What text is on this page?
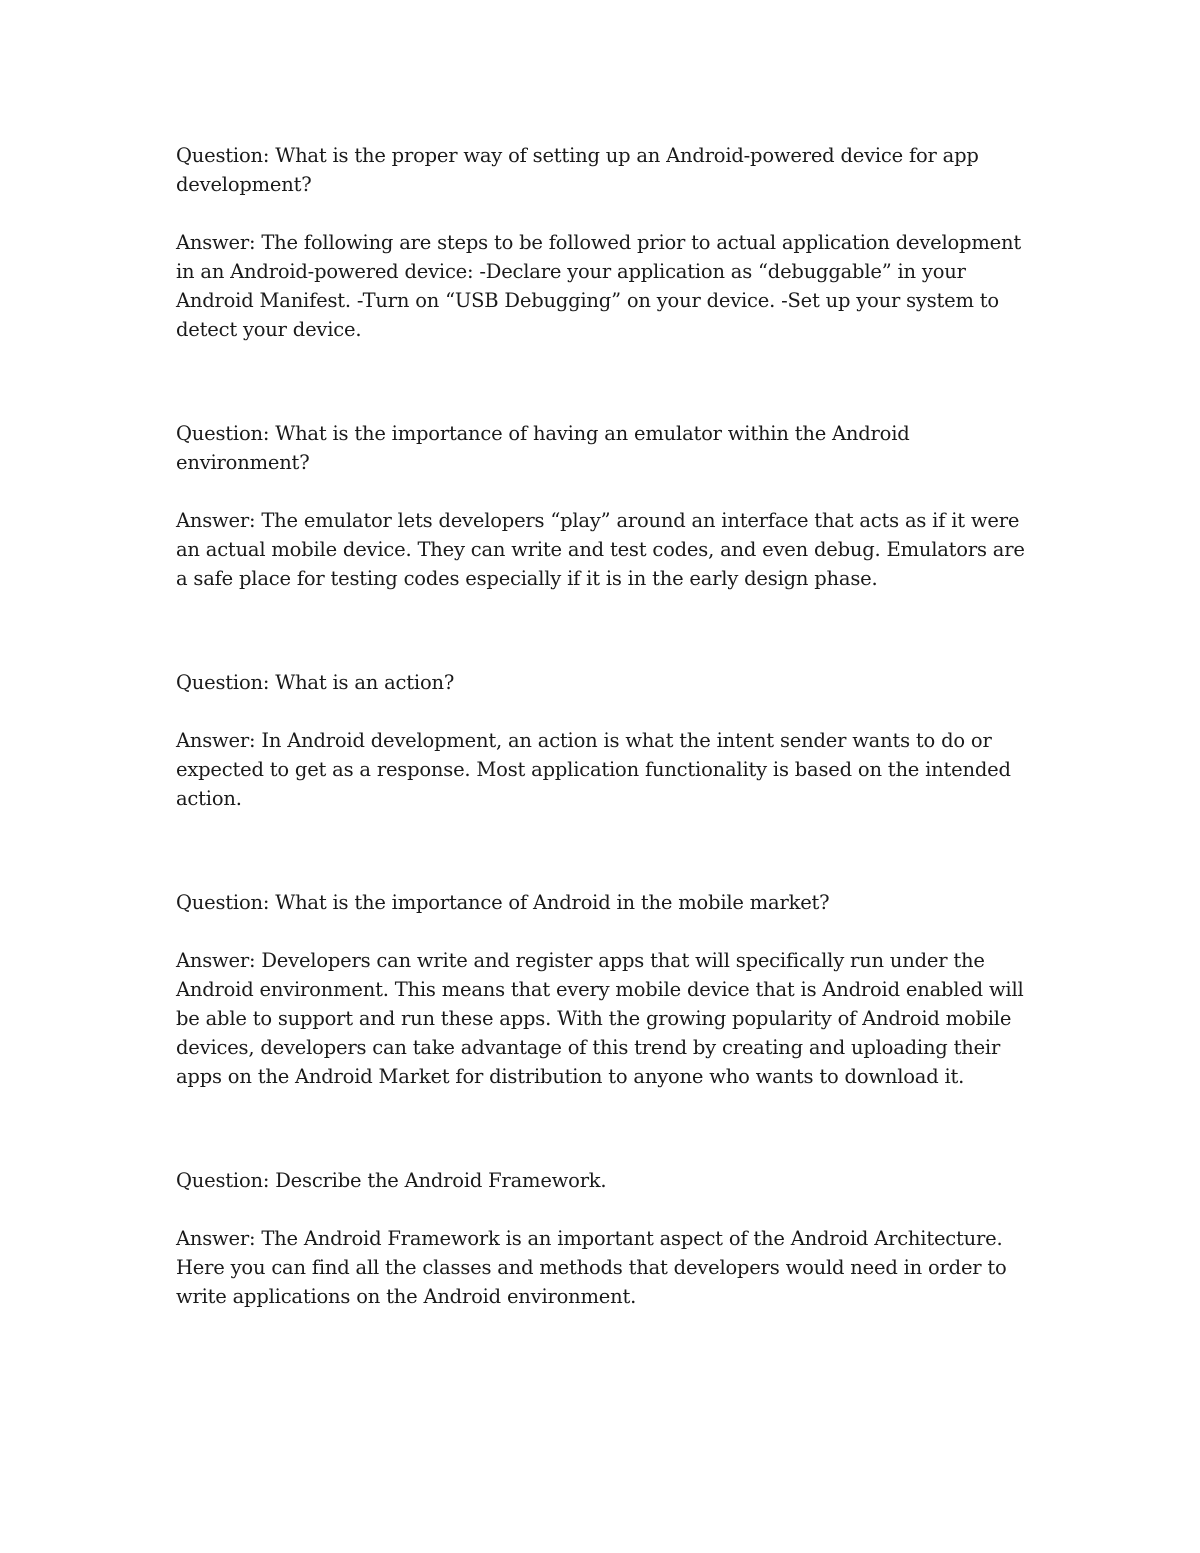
Question: What is the proper way of setting up an Android-powered device for app development?

Answer: The following are steps to be followed prior to actual application development in an Android-powered device: -Declare your application as “debuggable” in your Android Manifest. -Turn on “USB Debugging” on your device. -Set up your system to detect your device.

Question: What is the importance of having an emulator within the Android environment?

Answer: The emulator lets developers “play” around an interface that acts as if it were an actual mobile device. They can write and test codes, and even debug. Emulators are a safe place for testing codes especially if it is in the early design phase.

Question: What is an action?

Answer: In Android development, an action is what the intent sender wants to do or expected to get as a response. Most application functionality is based on the intended action.

Question: What is the importance of Android in the mobile market?

Answer: Developers can write and register apps that will specifically run under the Android environment. This means that every mobile device that is Android enabled will be able to support and run these apps. With the growing popularity of Android mobile devices, developers can take advantage of this trend by creating and uploading their apps on the Android Market for distribution to anyone who wants to download it.

Question: Describe the Android Framework.

Answer: The Android Framework is an important aspect of the Android Architecture. Here you can find all the classes and methods that developers would need in order to write applications on the Android environment.
